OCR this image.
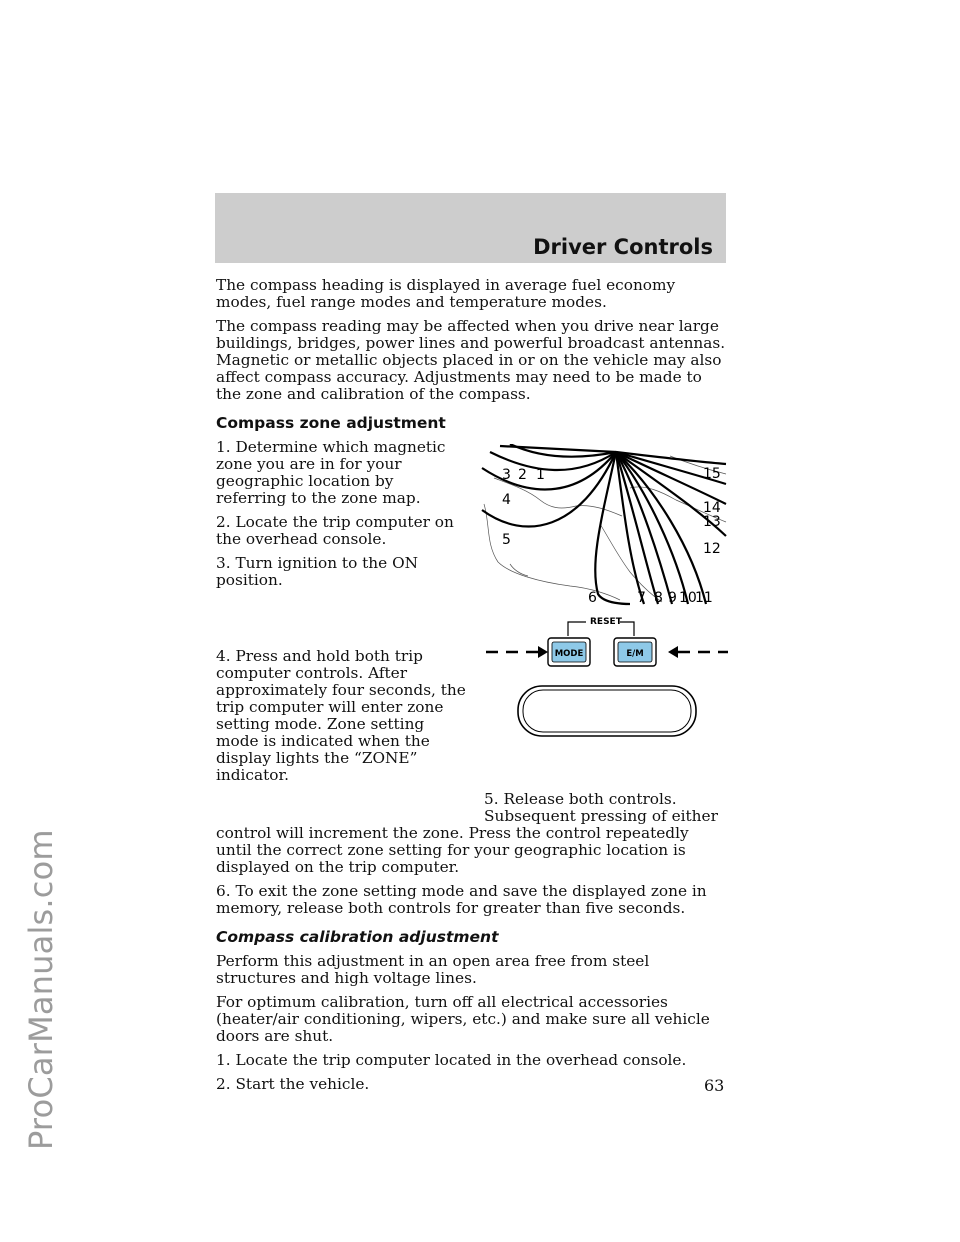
ProCarManuals.com
Driver Controls

The compass heading is displayed in average fuel economy modes, fuel range modes and temperature modes.

The compass reading may be affected when you drive near large buildings, bridges, power lines and powerful broadcast antennas. Magnetic or metallic objects placed in or on the vehicle may also affect compass accuracy. Adjustments may need to be made to the zone and calibration of the compass.

Compass zone adjustment

1. Determine which magnetic zone you are in for your geographic location by referring to the zone map.

2. Locate the trip computer on the overhead console.

3. Turn ignition to the ON position.

4. Press and hold both trip computer controls. After approximately four seconds, the trip computer will enter zone setting mode. Zone setting mode is indicated when the display lights the “ZONE” indicator.

5. Release both controls. Subsequent pressing of either control will increment the zone. Press the control repeatedly until the correct zone setting for your geographic location is displayed on the trip computer.

6. To exit the zone setting mode and save the displayed zone in memory, release both controls for greater than five seconds.

Compass calibration adjustment

Perform this adjustment in an open area free from steel structures and high voltage lines.

For optimum calibration, turn off all electrical accessories (heater/air conditioning, wipers, etc.) and make sure all vehicle doors are shut.

1. Locate the trip computer located in the overhead console.

2. Start the vehicle.

1
2
3
4
5
6	7 8 9 10
11
12
13
14
15
RESET
MODE	E/M
63
